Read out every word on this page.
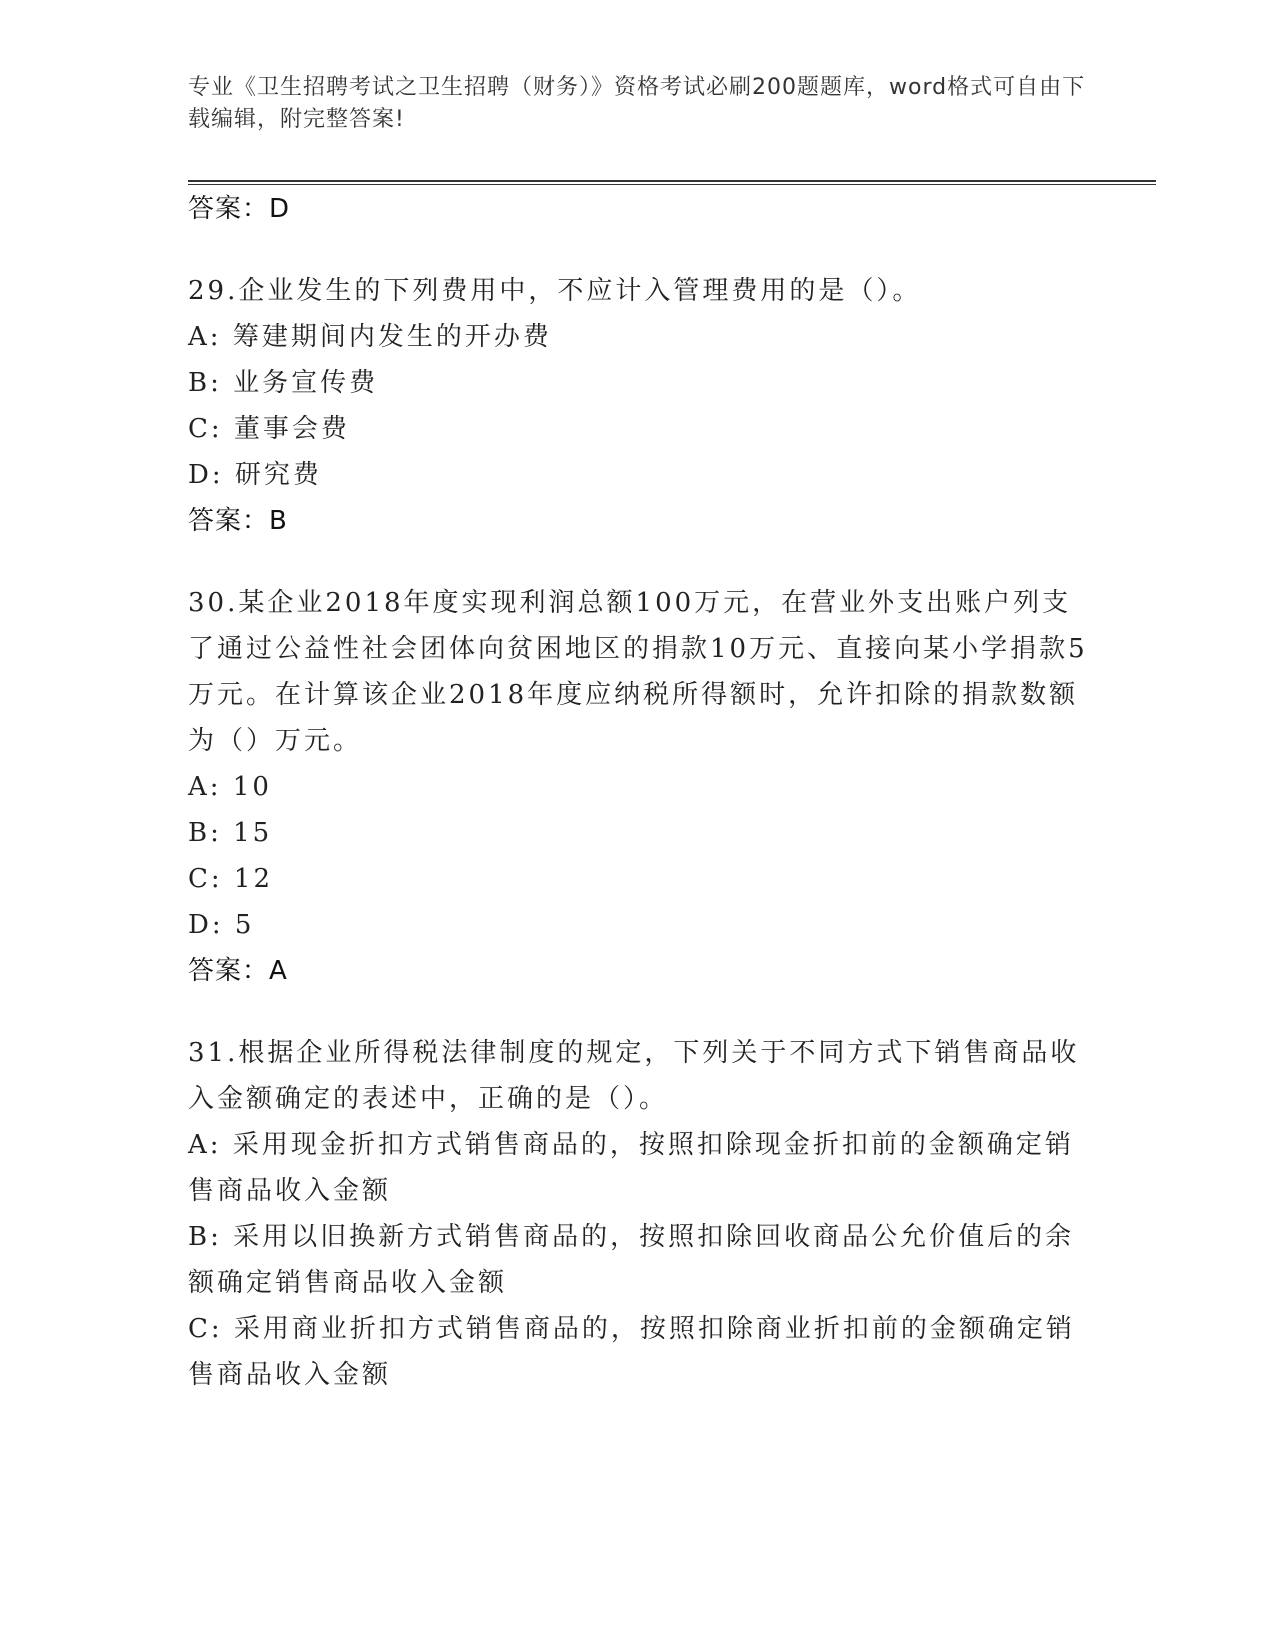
专业《卫生招聘考试之卫生招聘（财务）》资格考试必刷200题题库，word格式可自由下载编辑，附完整答案!
答案：D
29.企业发生的下列费用中，不应计入管理费用的是（）。
A: 筹建期间内发生的开办费
B: 业务宣传费
C: 董事会费
D: 研究费
答案：B
30.某企业2018年度实现利润总额100万元，在营业外支出账户列支了通过公益性社会团体向贫困地区的捐款10万元、直接向某小学捐款5万元。在计算该企业2018年度应纳税所得额时，允许扣除的捐款数额为（）万元。
A: 10
B: 15
C: 12
D: 5
答案：A
31.根据企业所得税法律制度的规定，下列关于不同方式下销售商品收入金额确定的表述中，正确的是（）。
A: 采用现金折扣方式销售商品的，按照扣除现金折扣前的金额确定销售商品收入金额
B: 采用以旧换新方式销售商品的，按照扣除回收商品公允价值后的余额确定销售商品收入金额
C: 采用商业折扣方式销售商品的，按照扣除商业折扣前的金额确定销售商品收入金额
